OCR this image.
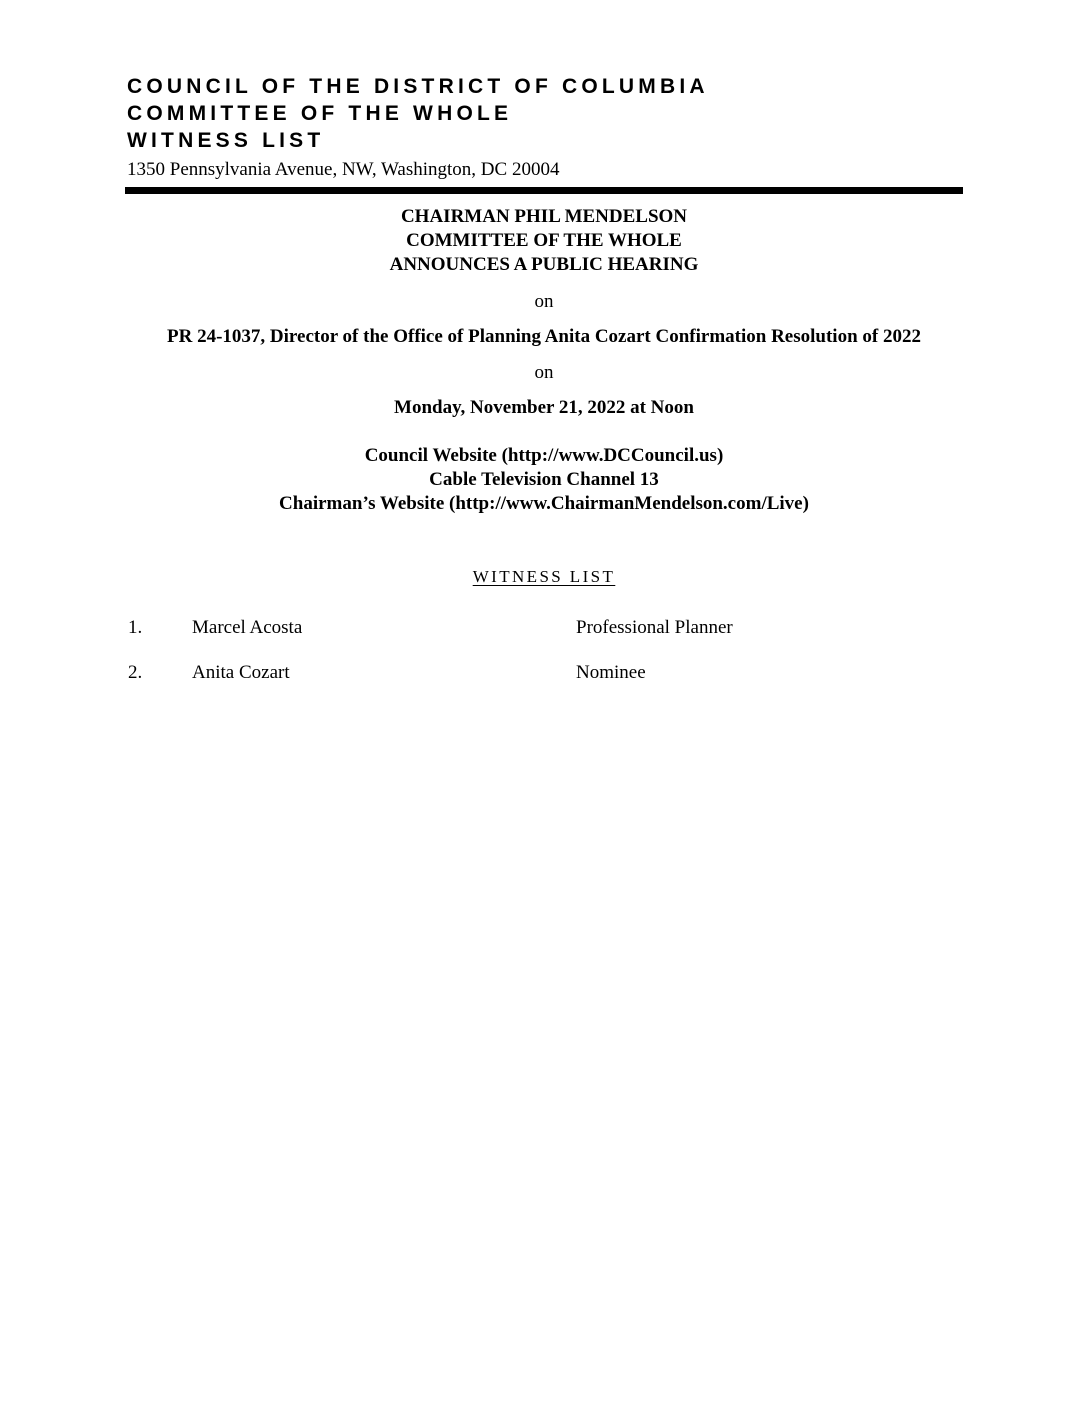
COUNCIL OF THE DISTRICT OF COLUMBIA
COMMITTEE OF THE WHOLE
WITNESS LIST
1350 Pennsylvania Avenue, NW, Washington, DC 20004
CHAIRMAN PHIL MENDELSON
COMMITTEE OF THE WHOLE
ANNOUNCES A PUBLIC HEARING
on
PR 24-1037, Director of the Office of Planning Anita Cozart Confirmation Resolution of 2022
on
Monday, November 21, 2022 at Noon
Council Website (http://www.DCCouncil.us)
Cable Television Channel 13
Chairman’s Website (http://www.ChairmanMendelson.com/Live)
WITNESS LIST
1.	Marcel Acosta	Professional Planner
2.	Anita Cozart	Nominee
